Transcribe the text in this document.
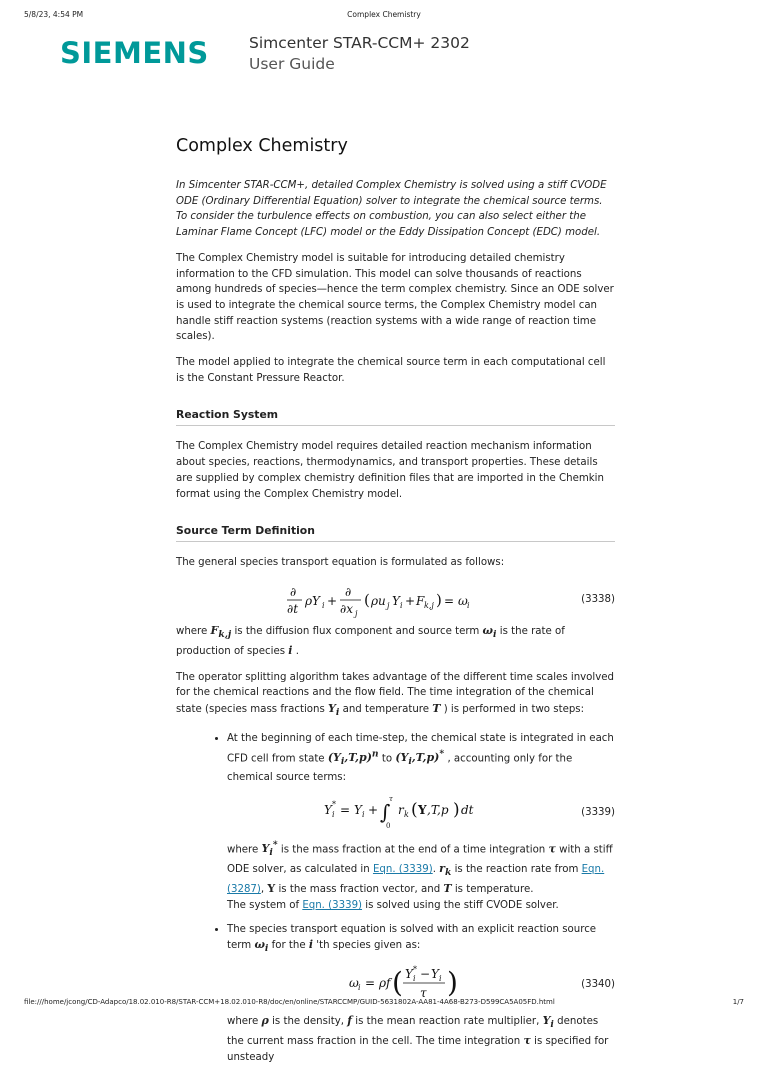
5/8/23, 4:54 PM	Complex Chemistry
SIEMENS	Simcenter STAR-CCM+ 2302
User Guide
Complex Chemistry

In Simcenter STAR-CCM+, detailed Complex Chemistry is solved using a stiff CVODE ODE (Ordinary Differential Equation) solver to integrate the chemical source terms. To consider the turbulence effects on combustion, you can also select either the Laminar Flame Concept (LFC) model or the Eddy Dissipation Concept (EDC) model.

The Complex Chemistry model is suitable for introducing detailed chemistry information to the CFD simulation. This model can solve thousands of reactions among hundreds of species—hence the term complex chemistry. Since an ODE solver is used to integrate the chemical source terms, the Complex Chemistry model can handle stiff reaction systems (reaction systems with a wide range of reaction time scales).

The model applied to integrate the chemical source term in each computational cell is the Constant Pressure Reactor.

Reaction System

The Complex Chemistry model requires detailed reaction mechanism information about species, reactions, thermodynamics, and transport properties. These details are supplied by complex chemistry definition files that are imported in the Chemkin format using the Complex Chemistry model.

Source Term Definition

The general species transport equation is formulated as follows:

∂
∂t
ρY i +
∂
∂x j
( ρu j Y i + F k,j ) = ω i
(3338)

where $F_{k,j}$ is the diffusion flux component and source term $\omega_i$ is the rate of production of species i .

The operator splitting algorithm takes advantage of the different time scales involved for the chemical reactions and the flow field. The time integration of the chemical state (species mass fractions $Y_i$ and temperature T ) is performed in two steps:

• At the beginning of each time-step, the chemical state is integrated in each CFD cell from state $(Y_i,T,p)^n$ to $(Y_i,T,p)^*$ , accounting only for the chemical source terms:
Y i
* = Y i + ∫
τ
0
r k ( Y ,T,p ) dt	(3339)
where $Y_i^*$ is the mass fraction at the end of a time integration τ with a stiff ODE solver, as calculated in Eqn. (3339). $r_k$ is the reaction rate from Eqn. (3287), Y is the mass fraction vector, and T is temperature.
The system of Eqn. (3339) is solved using the stiff CVODE solver.
• The species transport equation is solved with an explicit reaction source term $\omega_i$ for the i 'th species given as:
ω i = ρf ( Y i
* − Y i
τ )	(3340)
where ρ is the density, f is the mean reaction rate multiplier, $Y_i$ denotes the current mass fraction in the cell. The time integration τ is specified for unsteady
file:///home/jcong/CD-Adapco/18.02.010-R8/STAR-CCM+18.02.010-R8/doc/en/online/STARCCMP/GUID-5631802A-AA81-4A68-B273-D599CA5A05FD.html	1/7
